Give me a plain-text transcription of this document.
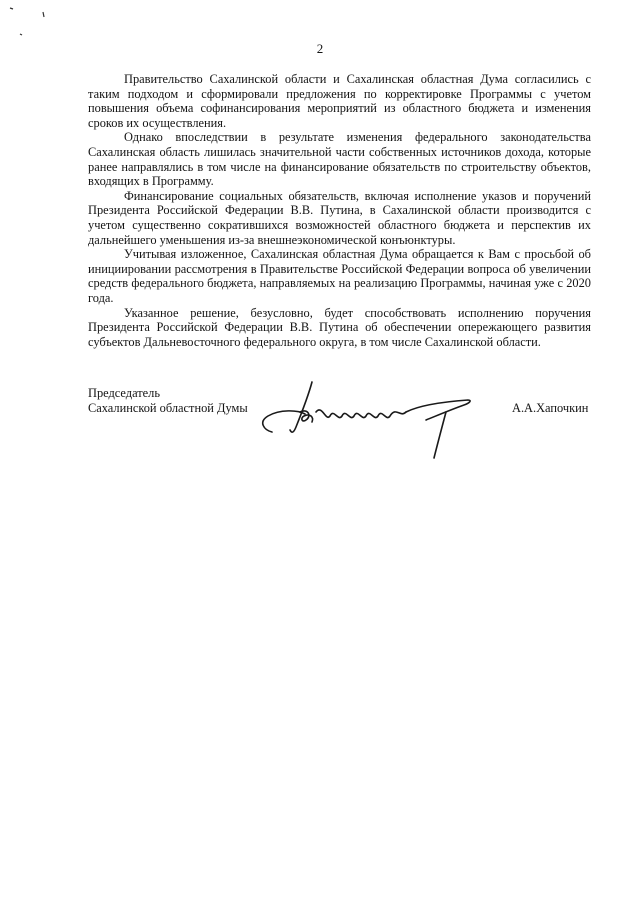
2

Правительство Сахалинской области и Сахалинская областная Дума согласились с таким подходом и сформировали предложения по корректировке Программы с учетом повышения объема софинансирования мероприятий из областного бюджета и изменения сроков их осуществления.

Однако впоследствии в результате изменения федерального законодательства Сахалинская область лишилась значительной части собственных источников дохода, которые ранее направлялись в том числе на финансирование обязательств по строительству объектов, входящих в Программу.

Финансирование социальных обязательств, включая исполнение указов и поручений Президента Российской Федерации В.В. Путина, в Сахалинской области производится с учетом существенно сократившихся возможностей областного бюджета и перспектив их дальнейшего уменьшения из-за внешнеэкономической конъюнктуры.

Учитывая изложенное, Сахалинская областная Дума обращается к Вам с просьбой об инициировании рассмотрения в Правительстве Российской Федерации вопроса об увеличении средств федерального бюджета, направляемых на реализацию Программы, начиная уже с 2020 года.

Указанное решение, безусловно, будет способствовать исполнению поручения Президента Российской Федерации В.В. Путина об обеспечении опережающего развития субъектов Дальневосточного федерального округа, в том числе Сахалинской области.

Председатель
Сахалинской областной Думы	А.А.Хапочкин
